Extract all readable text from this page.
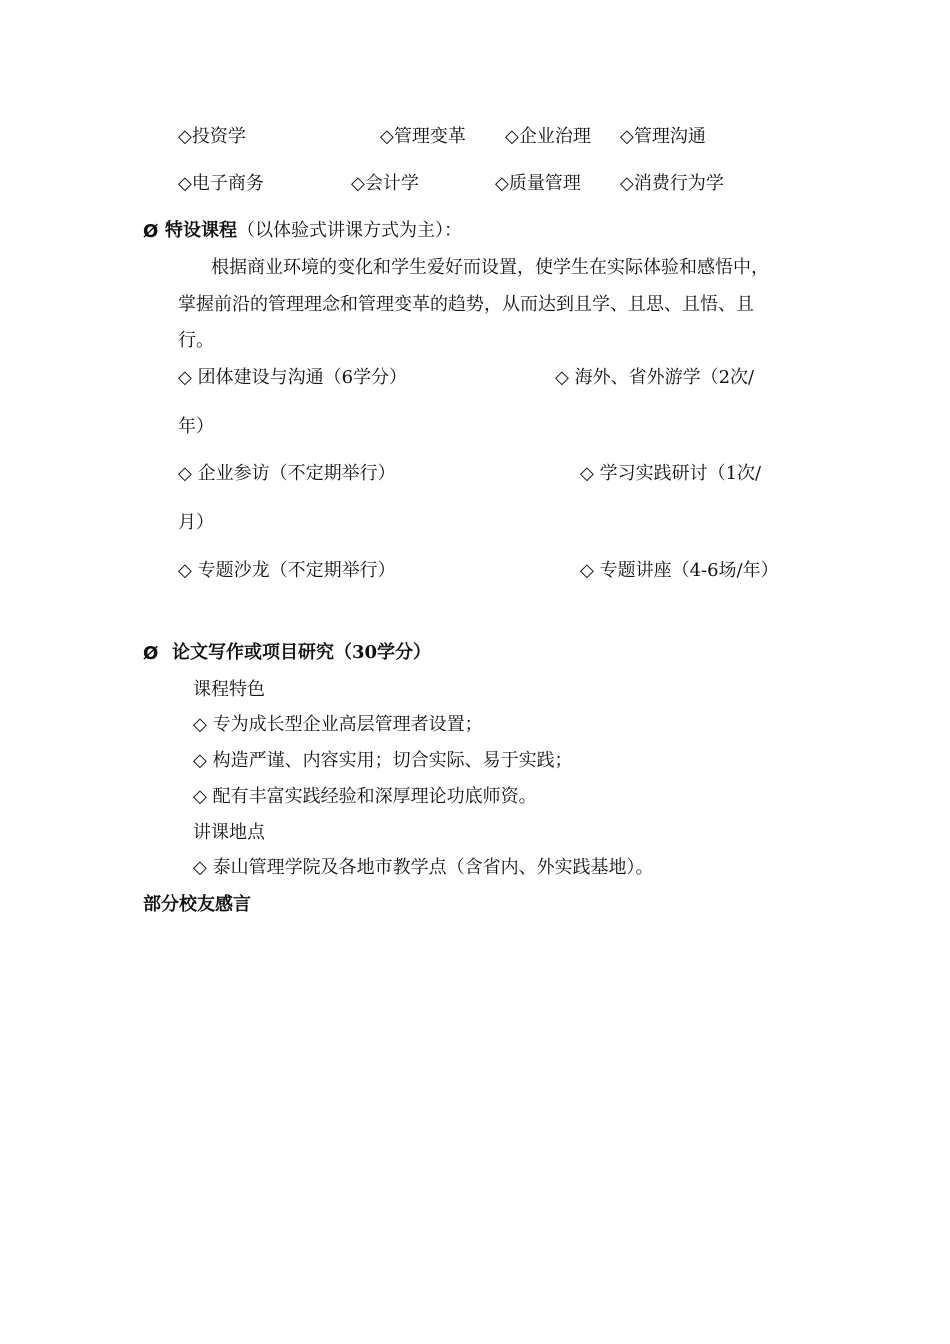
◇投资学	◇管理变革 ◇企业治理 ◇管理沟通
◇电子商务	◇会计学	◇质量管理 ◇消费行为学
Ø 特设课程（以体验式讲课方式为主）：
根据商业环境的变化和学生爱好而设置，使学生在实际体验和感悟中，
掌握前沿的管理理念和管理变革的趋势，从而达到且学、且思、且悟、且
行。
◇ 团体建设与沟通（6学分）	◇ 海外、省外游学（2次/
年）
◇ 企业参访（不定期举行）	◇ 学习实践研讨（1次/
月）
◇ 专题沙龙（不定期举行）	◇ 专题讲座（4-6场/年）
Ø 论文写作或项目研究（30学分）
课程特色
◇ 专为成长型企业高层管理者设置；
◇ 构造严谨、内容实用；切合实际、易于实践；
◇ 配有丰富实践经验和深厚理论功底师资。
讲课地点
◇ 泰山管理学院及各地市教学点（含省内、外实践基地）。
部分校友感言
